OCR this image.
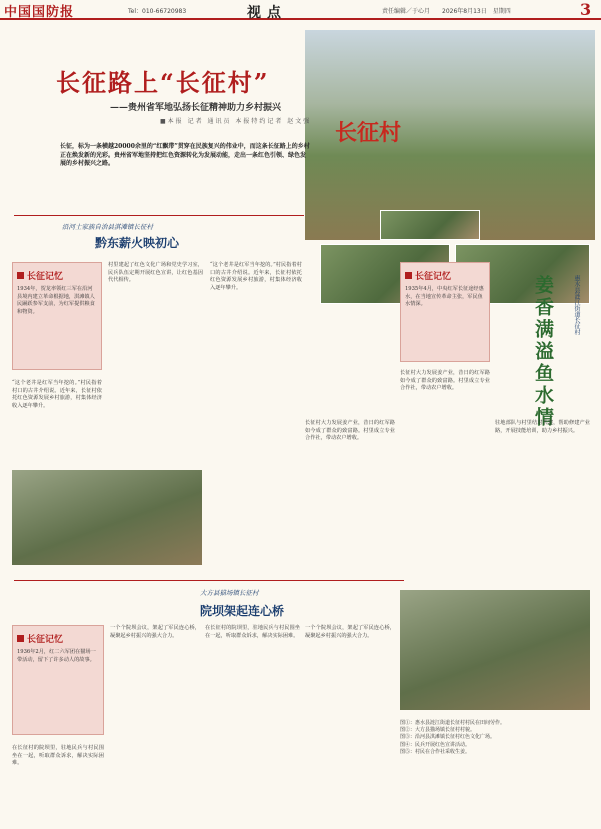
中国国防报	Tel：010-66720983	视点	责任编辑／于心月　　2026年8月13日　星期四	3
长征村
长征路上“长征村”
——贵州省军地弘扬长征精神助力乡村振兴
■本报 记者 通讯员 本报特约记者 赵文强
长征，标为一条横越20000余里的“红飘带”贯穿在民族复兴的伟业中，而这条长征路上的乡村正在焕发新的光彩。贵州省军地坚持把红色资源转化为发展动能，走出一条红色引领、绿色发展的乡村振兴之路。
沿河土家族自治县淇滩镇长征村
黔东薪火映初心
长征记忆
1934年，贺龙率领红三军在沿河县境内建立革命根据地，淇滩镇人民踊跃参军支前，为红军提供粮食和物资。
“这个老井是红军当年挖的。”村民指着村口的古井介绍说。近年来，长征村依托红色资源发展乡村旅游，村集体经济收入逐年攀升。
村里建起了红色文化广场和党史学习室，民兵队伍定期开展红色宣讲，让红色基因代代相传。
“这个老井是红军当年挖的。”村民指着村口的古井介绍说。近年来，长征村依托红色资源发展乡村旅游，村集体经济收入逐年攀升。
长征记忆
1935年4月，中央红军长征途经惠水，在当地宣传革命主张，军民鱼水情深。	姜香满溢鱼水情	惠水县涟江街道长征村
长征村大力发展姜产业，昔日的红军路如今成了群众的致富路。村里成立专业合作社，带动农户增收。
驻地部队与村里结对共建，帮助修建产业路，开展技能培训，助力乡村振兴。
长征村大力发展姜产业，昔日的红军路如今成了群众的致富路。村里成立专业合作社，带动农户增收。
大方县猫场镇长征村
院坝架起连心桥
长征记忆
1936年2月，红二六军团在猫场一带活动，留下了许多动人的故事。
在长征村的院坝里，驻地民兵与村民围坐在一起，听取群众诉求，解决实际困难。
一个个院坝会议，架起了军民连心桥，凝聚起乡村振兴的强大合力。
在长征村的院坝里，驻地民兵与村民围坐在一起，听取群众诉求，解决实际困难。
一个个院坝会议，架起了军民连心桥，凝聚起乡村振兴的强大合力。
图①：惠水县涟江街道长征村村民在田间劳作。
图②：大方县猫场镇长征村村貌。
图③：沿河县淇滩镇长征村红色文化广场。
图④：民兵开展红色宣讲活动。
图⑤：村民在合作社采收生姜。
